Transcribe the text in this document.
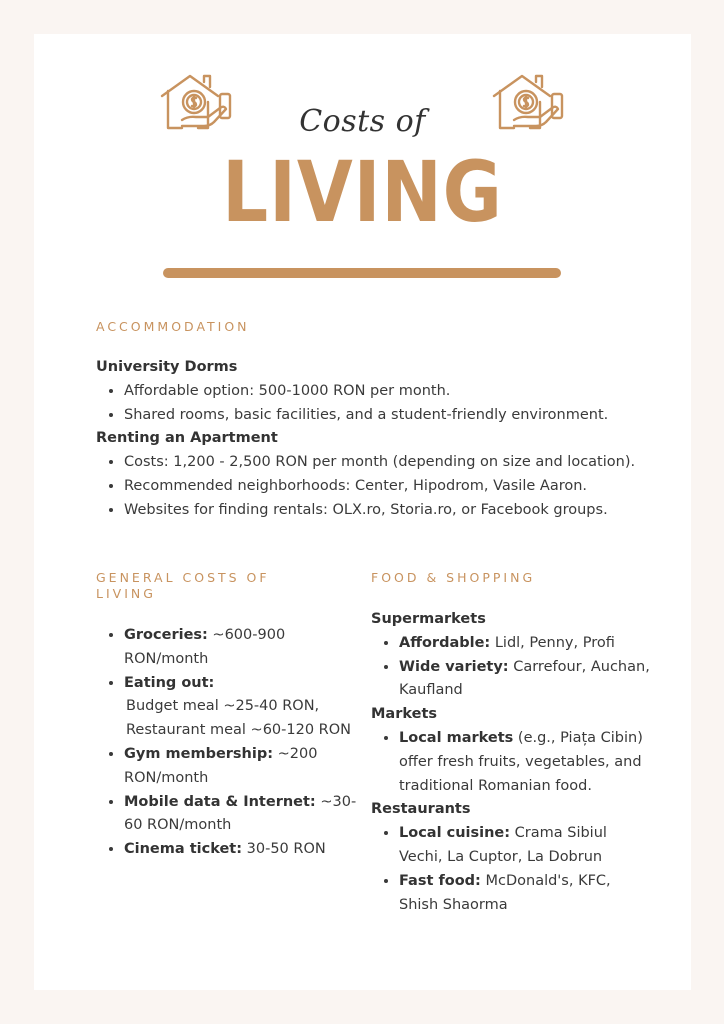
Costs of
LIVING
ACCOMMODATION
University Dorms
• Affordable option: 500-1000 RON per month.
• Shared rooms, basic facilities, and a student-friendly environment.
Renting an Apartment
• Costs: 1,200 - 2,500 RON per month (depending on size and location).
• Recommended neighborhoods: Center, Hipodrom, Vasile Aaron.
• Websites for finding rentals: OLX.ro, Storia.ro, or Facebook groups.
GENERAL COSTS OF LIVING
• Groceries: ~600-900 RON/month
• Eating out:
Budget meal ~25-40 RON,
Restaurant meal ~60-120 RON
• Gym membership: ~200 RON/month
• Mobile data & Internet: ~30-60 RON/month
• Cinema ticket: 30-50 RON
FOOD & SHOPPING
Supermarkets
• Affordable: Lidl, Penny, Profi
• Wide variety: Carrefour, Auchan, Kaufland
Markets
• Local markets (e.g., Piața Cibin) offer fresh fruits, vegetables, and traditional Romanian food.
Restaurants
• Local cuisine: Crama Sibiul Vechi, La Cuptor, La Dobrun
• Fast food: McDonald's, KFC, Shish Shaorma
